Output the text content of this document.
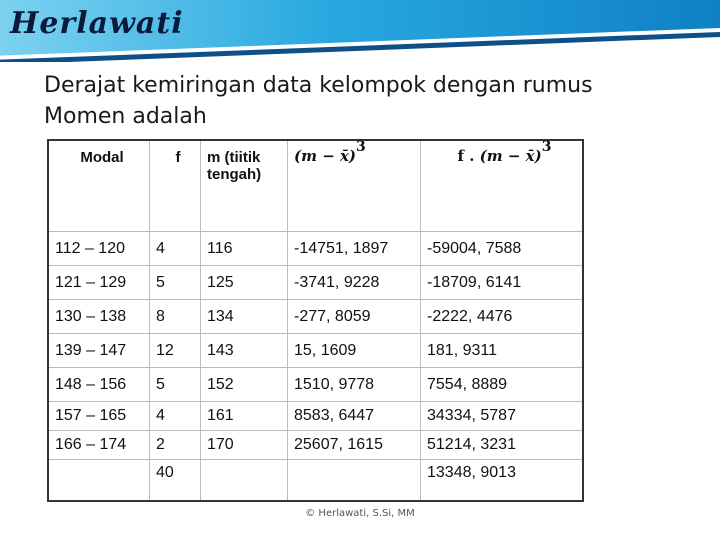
Herlawati
Derajat kemiringan data kelompok dengan rumus Momen adalah
Modal	f	m (tiitik tengah)	(m − x̄)$^3$	f . (m − x̄)$^3$
112 – 120	4	116	-14751, 1897	-59004, 7588
121 – 129	5	125	-3741, 9228	-18709, 6141
130 – 138	8	134	-277, 8059	-2222, 4476
139 – 147	12	143	15, 1609	181, 9311
148 – 156	5	152	1510, 9778	7554, 8889
157 – 165	4	161	8583, 6447	34334, 5787
166 – 174	2	170	25607, 1615	51214, 3231
	40			13348, 9013
© Herlawati, S.Si, MM
